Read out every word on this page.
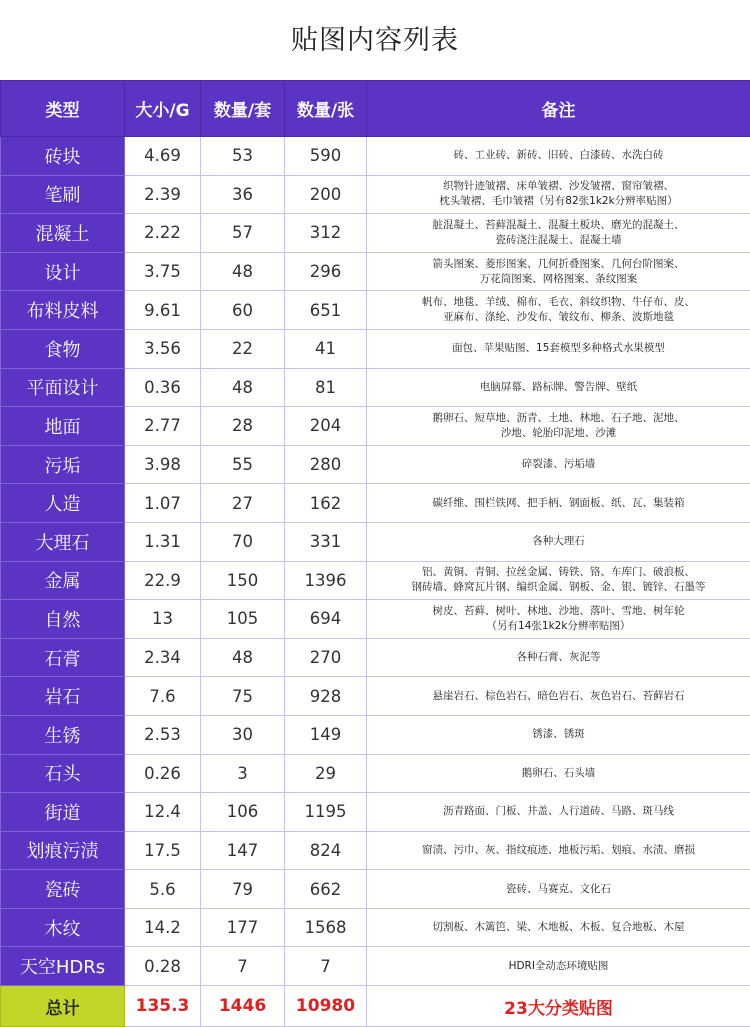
贴图内容列表
类型	大小/G	数量/套	数量/张	备注
砖块	4.69	53	590	砖、工业砖、新砖、旧砖、白漆砖、水洗白砖

笔刷	2.39	36	200	织物针迹皱褶、床单皱褶、沙发皱褶、窗帘皱褶、
枕头皱褶、毛巾皱褶（另有82张1k2k分辨率贴图）

混凝土	2.22	57	312	脏混凝土、苔藓混凝土、混凝土板块、磨光的混凝土、
瓷砖浇注混凝土、混凝土墙

设计	3.75	48	296	箭头图案、菱形图案、几何折叠图案、几何台阶图案、
万花筒图案、网格图案、条纹图案

布料皮料	9.61	60	651	帆布、地毯、羊绒、棉布、毛衣、斜纹织物、牛仔布、皮、
亚麻布、涤纶、沙发布、皱纹布、柳条、波斯地毯

食物	3.56	22	41	面包、苹果贴图、15套模型多种格式水果模型

平面设计	0.36	48	81	电脑屏幕、路标牌、警告牌、壁纸

地面	2.77	28	204	鹅卵石、短草地、沥青、土地、林地、石子地、泥地、
沙地、轮胎印泥地、沙滩

污垢	3.98	55	280	碎裂漆、污垢墙

人造	1.07	27	162	碳纤维、围栏铁网、把手柄、钢面板、纸、瓦、集装箱

大理石	1.31	70	331	各种大理石

金属	22.9	150	1396	铝、黄铜、青铜、拉丝金属、铸铁、铬、车库门、破浪板、
钢砖墙、蜂窝瓦片钢、编织金属、钢板、金、银、镀锌、石墨等

自然	13	105	694	树皮、苔藓、树叶、林地、沙地、落叶、雪地、树年轮
（另有14张1k2k分辨率贴图）

石膏	2.34	48	270	各种石膏、灰泥等

岩石	7.6	75	928	悬崖岩石、棕色岩石、暗色岩石、灰色岩石、苔藓岩石

生锈	2.53	30	149	锈漆、锈斑

石头	0.26	3	29	鹅卵石、石头墙

街道	12.4	106	1195	沥青路面、门板、井盖、人行道砖、马路、斑马线

划痕污渍	17.5	147	824	窗渍、污巾、灰、指纹痕迹、地板污垢、划痕、水渍、磨损

瓷砖	5.6	79	662	瓷砖、马赛克、文化石

木纹	14.2	177	1568	切割板、木篱笆、梁、木地板、木板、复合地板、木屋

天空HDRs	0.28	7	7	HDRI全动态环境贴图

总计	135.3	1446	10980	23大分类贴图
